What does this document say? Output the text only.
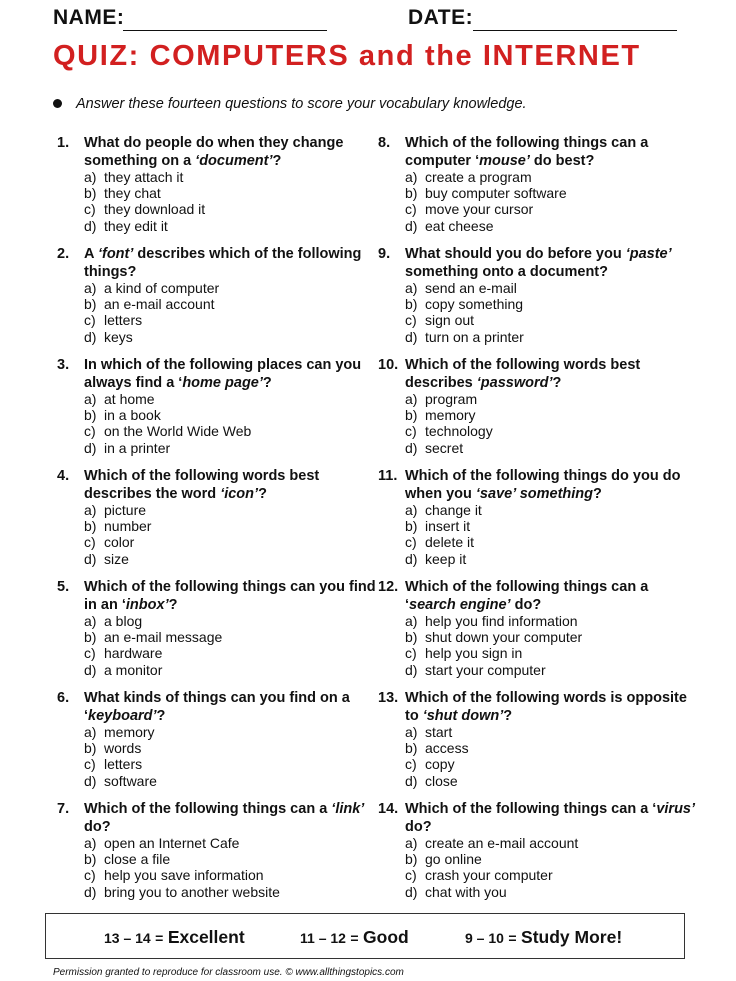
NAME:	DATE:
QUIZ: COMPUTERS and the INTERNET
Answer these fourteen questions to score your vocabulary knowledge.
1. What do people do when they change something on a ‘document’?
a) they attach it
b) they chat
c) they download it
d) they edit it
2. A ‘font’ describes which of the following things?
a) a kind of computer
b) an e-mail account
c) letters
d) keys
3. In which of the following places can you always find a ‘home page’?
a) at home
b) in a book
c) on the World Wide Web
d) in a printer
4. Which of the following words best describes the word ‘icon’?
a) picture
b) number
c) color
d) size
5. Which of the following things can you find in an ‘inbox’?
a) a blog
b) an e-mail message
c) hardware
d) a monitor
6. What kinds of things can you find on a ‘keyboard’?
a) memory
b) words
c) letters
d) software
7. Which of the following things can a ‘link’ do?
a) open an Internet Cafe
b) close a file
c) help you save information
d) bring you to another website
8. Which of the following things can a computer ‘mouse’ do best?
a) create a program
b) buy computer software
c) move your cursor
d) eat cheese
9. What should you do before you ‘paste’ something onto a document?
a) send an e-mail
b) copy something
c) sign out
d) turn on a printer
10. Which of the following words best describes ‘password’?
a) program
b) memory
c) technology
d) secret
11. Which of the following things do you do when you ‘save’ something?
a) change it
b) insert it
c) delete it
d) keep it
12. Which of the following things can a ‘search engine’ do?
a) help you find information
b) shut down your computer
c) help you sign in
d) start your computer
13. Which of the following words is opposite to ‘shut down’?
a) start
b) access
c) copy
d) close
14. Which of the following things can a ‘virus’ do?
a) create an e-mail account
b) go online
c) crash your computer
d) chat with you
13 – 14 = Excellent	11 – 12 = Good	9 – 10 = Study More!
Permission granted to reproduce for classroom use. © www.allthingstopics.com
